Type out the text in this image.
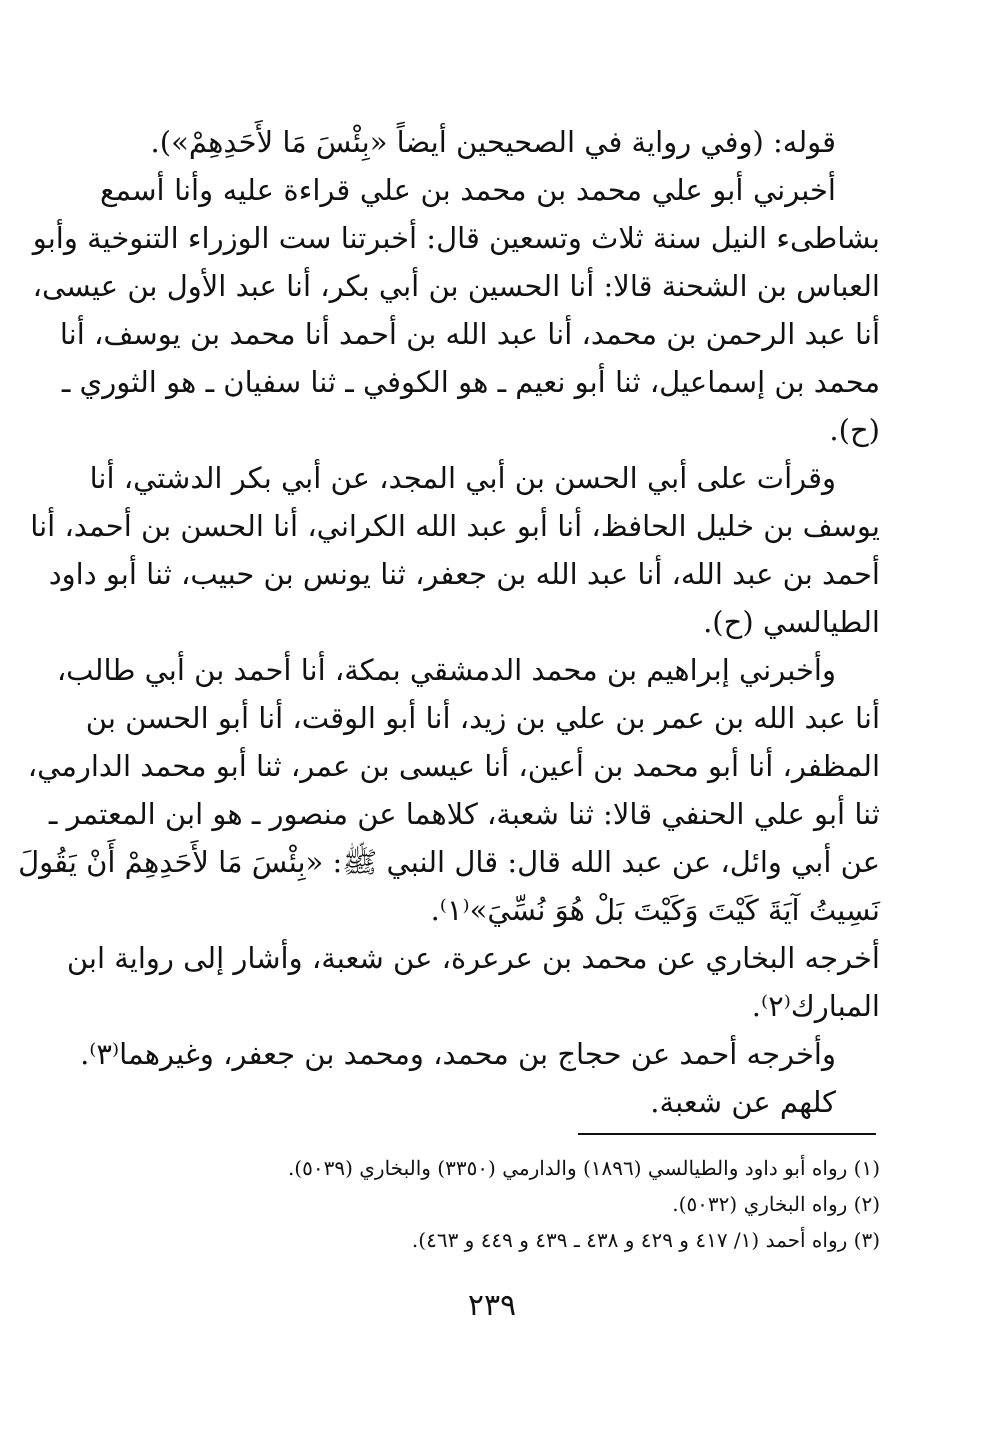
قوله: (وفي رواية في الصحيحين أيضاً «بِئْسَ مَا لأَحَدِهِمْ»).
أخبرني أبو علي محمد بن محمد بن علي قراءة عليه وأنا أسمع
بشاطىء النيل سنة ثلاث وتسعين قال: أخبرتنا ست الوزراء التنوخية وأبو
العباس بن الشحنة قالا: أنا الحسين بن أبي بكر، أنا عبد الأول بن عيسى،
أنا عبد الرحمن بن محمد، أنا عبد الله بن أحمد أنا محمد بن يوسف، أنا
محمد بن إسماعيل، ثنا أبو نعيم ـ هو الكوفي ـ ثنا سفيان ـ هو الثوري ـ
(ح).
وقرأت على أبي الحسن بن أبي المجد، عن أبي بكر الدشتي، أنا
يوسف بن خليل الحافظ، أنا أبو عبد الله الكراني، أنا الحسن بن أحمد، أنا
أحمد بن عبد الله، أنا عبد الله بن جعفر، ثنا يونس بن حبيب، ثنا أبو داود
الطيالسي (ح).
وأخبرني إبراهيم بن محمد الدمشقي بمكة، أنا أحمد بن أبي طالب،
أنا عبد الله بن عمر بن علي بن زيد، أنا أبو الوقت، أنا أبو الحسن بن
المظفر، أنا أبو محمد بن أعين، أنا عيسى بن عمر، ثنا أبو محمد الدارمي،
ثنا أبو علي الحنفي قالا: ثنا شعبة، كلاهما عن منصور ـ هو ابن المعتمر ـ
عن أبي وائل، عن عبد الله قال: قال النبي ﷺ: «بِئْسَ مَا لأَحَدِهِمْ أَنْ يَقُولَ
نَسِيتُ آيَةَ كَيْتَ وَكَيْتَ بَلْ هُوَ نُسِّيَ»⁽١⁾.
أخرجه البخاري عن محمد بن عرعرة، عن شعبة، وأشار إلى رواية ابن
المبارك⁽٢⁾.
وأخرجه أحمد عن حجاج بن محمد، ومحمد بن جعفر، وغيرهما⁽٣⁾.
كلهم عن شعبة.
(١) رواه أبو داود والطيالسي (١٨٩٦) والدارمي (٣٣٥٠) والبخاري (٥٠٣٩).
(٢) رواه البخاري (٥٠٣٢).
(٣) رواه أحمد (١/ ٤١٧ و ٤٢٩ و ٤٣٨ ـ ٤٣٩ و ٤٤٩ و ٤٦٣).
٢٣٩
